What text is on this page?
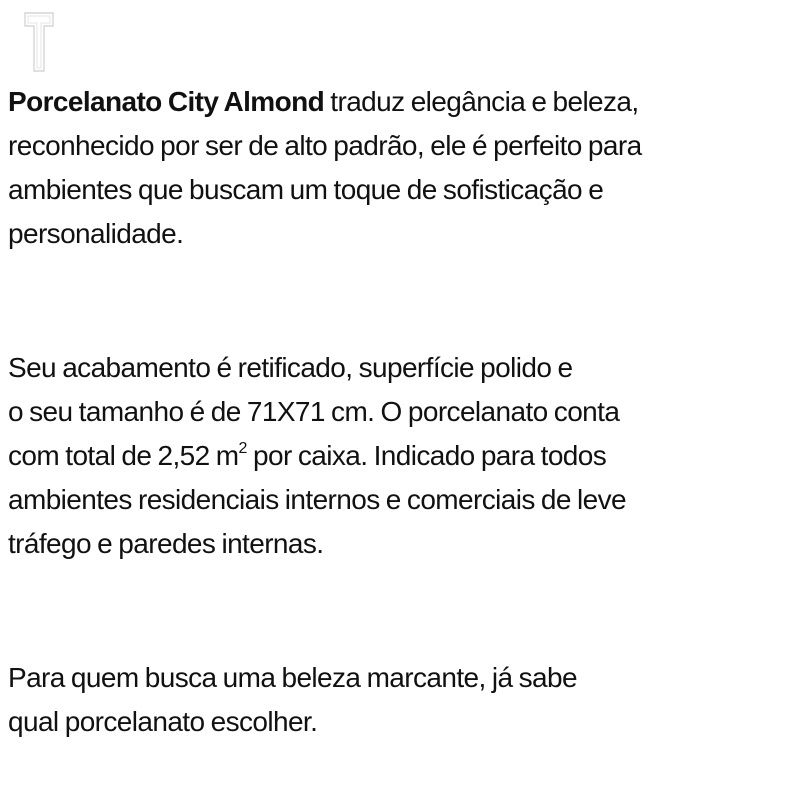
Porcelanato City Almond traduz elegância e beleza,
reconhecido por ser de alto padrão, ele é perfeito para
ambientes que buscam um toque de sofisticação e
personalidade.

Seu acabamento é retificado, superfície polido e
o seu tamanho é de 71X71 cm. O porcelanato conta
com total de 2,52 $m^2$ por caixa. Indicado para todos
ambientes residenciais internos e comerciais de leve
tráfego e paredes internas.

Para quem busca uma beleza marcante, já sabe
qual porcelanato escolher.
